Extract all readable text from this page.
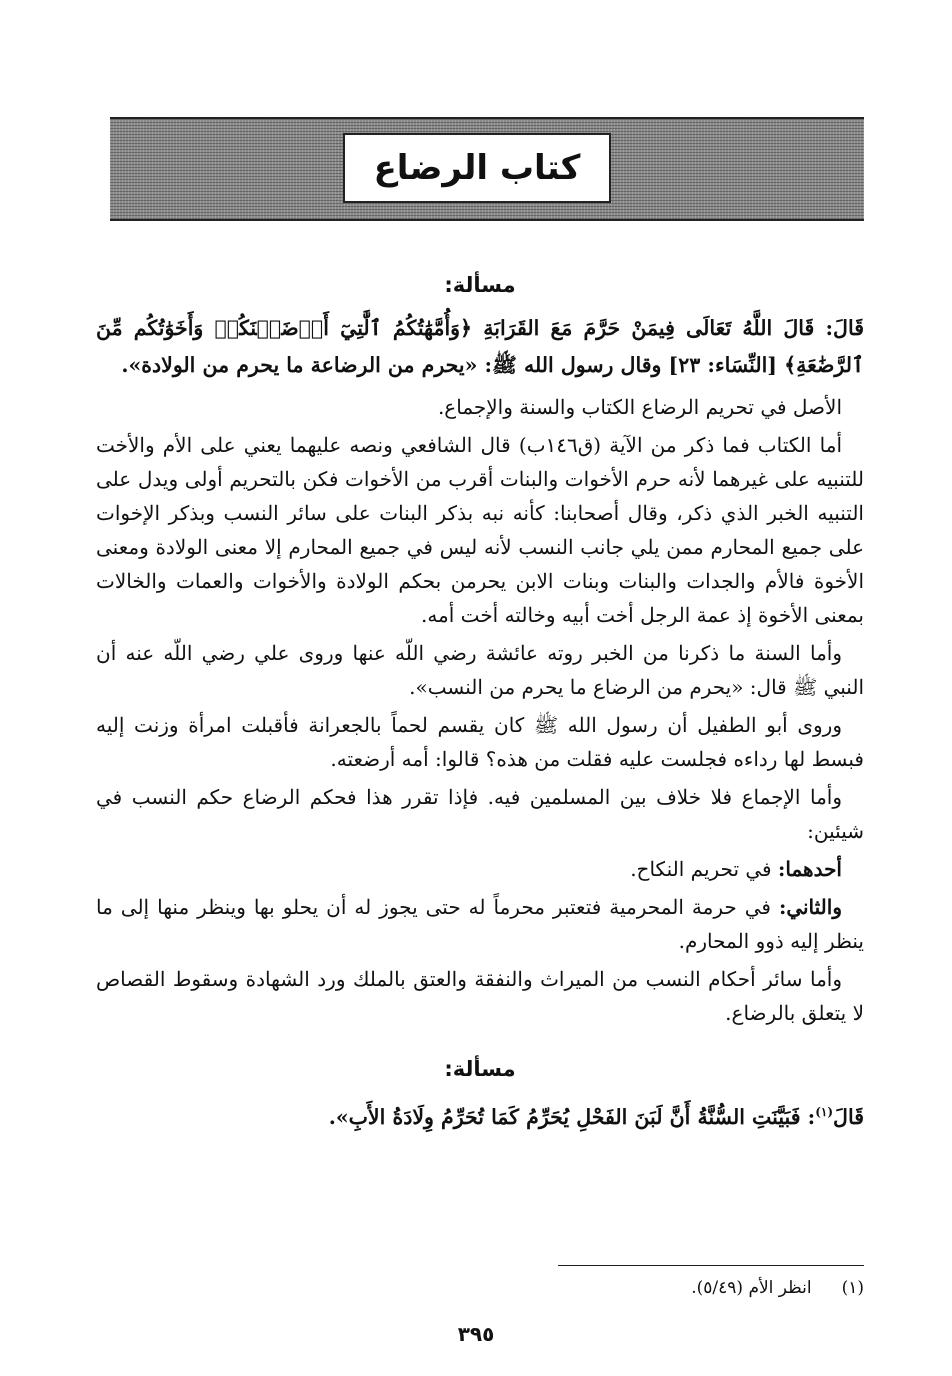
كتاب الرضاع
مسألة:

قَالَ: قَالَ اللَّهُ تَعَالَى فِيمَنْ حَرَّمَ مَعَ القَرَابَةِ ﴿وَأُمَّهَٰتُكُمُ ٱلَّٰتِيٓ أَرۡضَعۡنَكُمۡ وَأَخَوَٰتُكُم مِّنَ ٱلرَّضَٰعَةِ﴾ [النِّسَاء: ٢٣] وقال رسول الله ﷺ: «يحرم من الرضاعة ما يحرم من الولادة».

الأصل في تحريم الرضاع الكتاب والسنة والإجماع.

أما الكتاب فما ذكر من الآية (ق١٤٦ب) قال الشافعي ونصه عليهما يعني على الأم والأخت للتنبيه على غيرهما لأنه حرم الأخوات والبنات أقرب من الأخوات فكن بالتحريم أولى ويدل على التنبيه الخبر الذي ذكر، وقال أصحابنا: كأنه نبه بذكر البنات على سائر النسب وبذكر الإخوات على جميع المحارم ممن يلي جانب النسب لأنه ليس في جميع المحارم إلا معنى الولادة ومعنى الأخوة فالأم والجدات والبنات وبنات الابن يحرمن بحكم الولادة والأخوات والعمات والخالات بمعنى الأخوة إذ عمة الرجل أخت أبيه وخالته أخت أمه.

وأما السنة ما ذكرنا من الخبر روته عائشة رضي اللّه عنها وروى علي رضي اللّه عنه أن النبي ﷺ قال: «يحرم من الرضاع ما يحرم من النسب».

وروى أبو الطفيل أن رسول الله ﷺ كان يقسم لحماً بالجعرانة فأقبلت امرأة وزنت إليه فبسط لها رداءه فجلست عليه فقلت من هذه؟ قالوا: أمه أرضعته.

وأما الإجماع فلا خلاف بين المسلمين فيه. فإذا تقرر هذا فحكم الرضاع حكم النسب في شيئين:

أحدهما: في تحريم النكاح.

والثاني: في حرمة المحرمية فتعتبر محرماً له حتى يجوز له أن يحلو بها وينظر منها إلى ما ينظر إليه ذوو المحارم.

وأما سائر أحكام النسب من الميراث والنفقة والعتق بالملك ورد الشهادة وسقوط القصاص لا يتعلق بالرضاع.

مسألة:

قَالَ$^{(١)}$: فَبَيَّنَتِ السُّنَّةُ أَنَّ لَبَنَ الفَحْلِ يُحَرِّمُ كَمَا تُحَرِّمُ وِلَادَةُ الأَبِ».

(١)
انظر الأم (٥/٤٩).
٣٩٥
